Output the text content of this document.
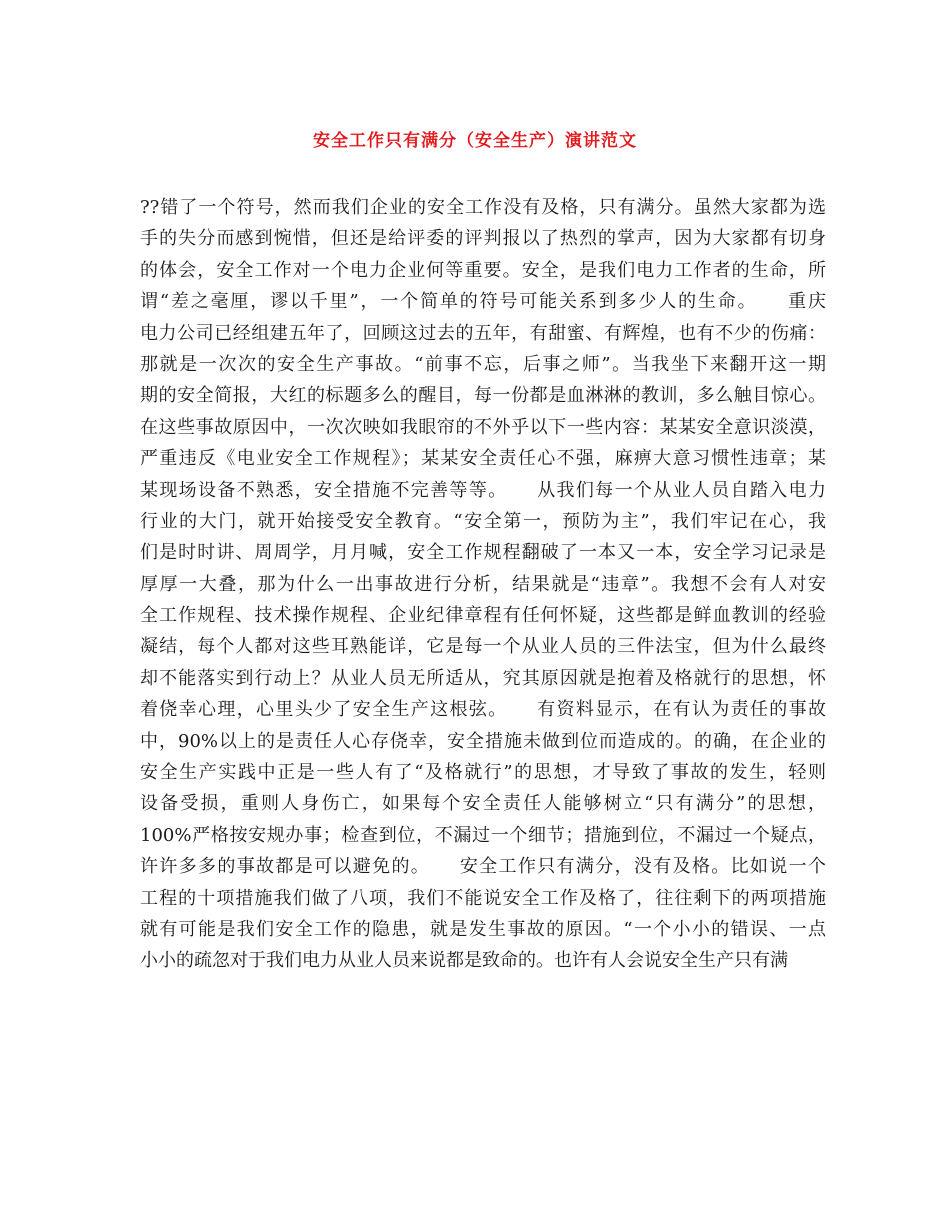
安全工作只有满分（安全生产）演讲范文
??错了一个符号，然而我们企业的安全工作没有及格，只有满分。虽然大家都为选
手的失分而感到惋惜，但还是给评委的评判报以了热烈的掌声，因为大家都有切身
的体会，安全工作对一个电力企业何等重要。安全，是我们电力工作者的生命，所
谓“差之毫厘，谬以千里”，一个简单的符号可能关系到多少人的生命。　　重庆
电力公司已经组建五年了，回顾这过去的五年，有甜蜜、有辉煌，也有不少的伤痛：
那就是一次次的安全生产事故。“前事不忘，后事之师”。当我坐下来翻开这一期
期的安全简报，大红的标题多么的醒目，每一份都是血淋淋的教训，多么触目惊心。
在这些事故原因中，一次次映如我眼帘的不外乎以下一些内容：某某安全意识淡漠，
严重违反《电业安全工作规程》；某某安全责任心不强，麻痹大意习惯性违章；某
某现场设备不熟悉，安全措施不完善等等。　　从我们每一个从业人员自踏入电力
行业的大门，就开始接受安全教育。“安全第一，预防为主”，我们牢记在心，我
们是时时讲、周周学，月月喊，安全工作规程翻破了一本又一本，安全学习记录是
厚厚一大叠，那为什么一出事故进行分析，结果就是“违章”。我想不会有人对安
全工作规程、技术操作规程、企业纪律章程有任何怀疑，这些都是鲜血教训的经验
凝结，每个人都对这些耳熟能详，它是每一个从业人员的三件法宝，但为什么最终
却不能落实到行动上？从业人员无所适从，究其原因就是抱着及格就行的思想，怀
着侥幸心理，心里头少了安全生产这根弦。　　有资料显示，在有认为责任的事故
中，90%以上的是责任人心存侥幸，安全措施未做到位而造成的。的确，在企业的
安全生产实践中正是一些人有了“及格就行”的思想，才导致了事故的发生，轻则
设备受损，重则人身伤亡，如果每个安全责任人能够树立“只有满分”的思想，
100%严格按安规办事；检查到位，不漏过一个细节；措施到位，不漏过一个疑点，
许许多多的事故都是可以避免的。　　安全工作只有满分，没有及格。比如说一个
工程的十项措施我们做了八项，我们不能说安全工作及格了，往往剩下的两项措施
就有可能是我们安全工作的隐患，就是发生事故的原因。“一个小小的错误、一点
小小的疏忽对于我们电力从业人员来说都是致命的。也许有人会说安全生产只有满
